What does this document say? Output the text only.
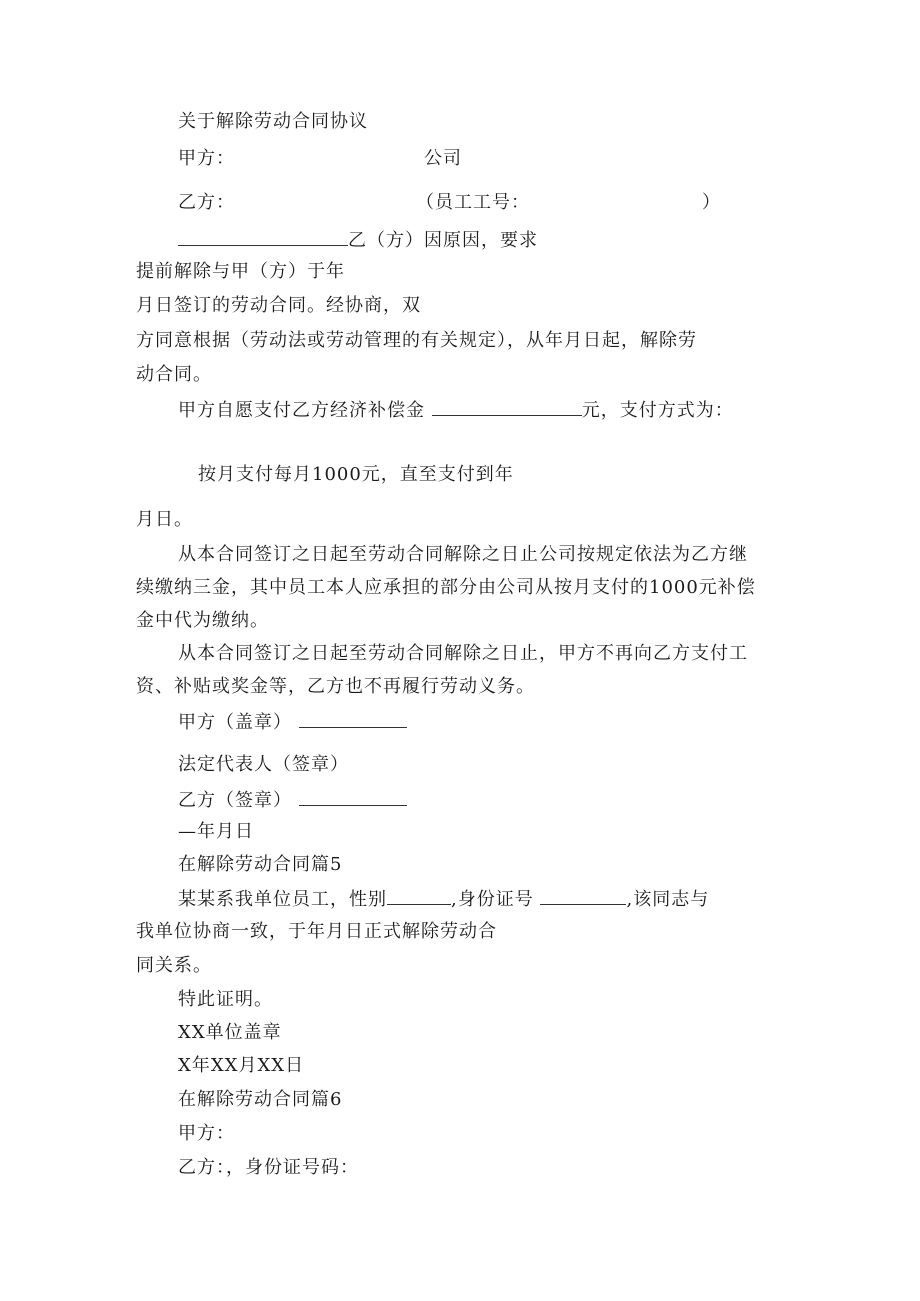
关于解除劳动合同协议
甲方：	公司
乙方：	（员工工号：	）
乙（方）因原因，要求
提前解除与甲（方）于年
月日签订的劳动合同。经协商，双
方同意根据（劳动法或劳动管理的有关规定），从年月日起，解除劳
动合同。
甲方自愿支付乙方经济补偿金	元，支付方式为：
按月支付每月1000元，直至支付到年
月日。
从本合同签订之日起至劳动合同解除之日止公司按规定依法为乙方继
续缴纳三金，其中员工本人应承担的部分由公司从按月支付的1000元补偿
金中代为缴纳。
从本合同签订之日起至劳动合同解除之日止，甲方不再向乙方支付工
资、补贴或奖金等，乙方也不再履行劳动义务。
甲方（盖章）
法定代表人（签章）
乙方（签章）
—年月日
在解除劳动合同篇5
某某系我单位员工，性别	,身份证号	,该同志与
我单位协商一致，于年月日正式解除劳动合
同关系。
特此证明。
XX单位盖章
X年XX月XX日
在解除劳动合同篇6
甲方：
乙方：，身份证号码：
